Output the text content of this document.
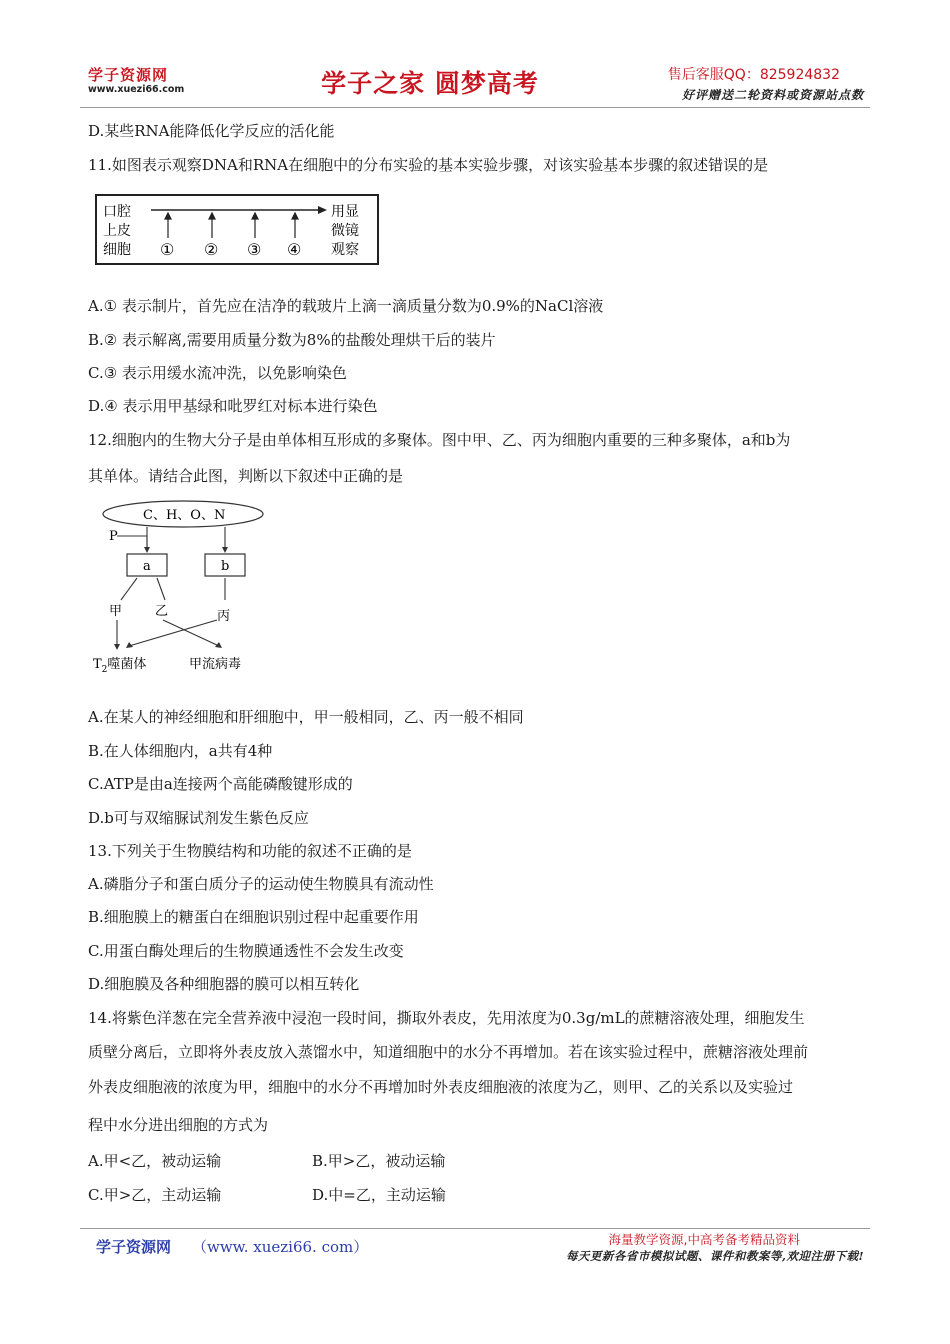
学子资源网
www.xuezi66.com	学子之家 圆梦高考	售后客服QQ：825924832
好评赠送二轮资料或资源站点数
D.某些RNA能降低化学反应的活化能
11.如图表示观察DNA和RNA在细胞中的分布实验的基本实验步骤，对该实验基本步骤的叙述错误的是
口腔
上皮
细胞 ① ② ③ ④
用显
微镜
观察
A.① 表示制片，首先应在洁净的载玻片上滴一滴质量分数为0.9%的NaCl溶液
B.② 表示解离,需要用质量分数为8%的盐酸处理烘干后的装片
C.③ 表示用缓水流冲洗，以免影响染色
D.④ 表示用甲基绿和吡罗红对标本进行染色
12.细胞内的生物大分子是由单体相互形成的多聚体。图中甲、乙、丙为细胞内重要的三种多聚体，a和b为
其单体。请结合此图，判断以下叙述中正确的是
C、H、O、N
P
a	b
甲	乙	丙
$T_2$噬菌体	甲流病毒
A.在某人的神经细胞和肝细胞中，甲一般相同，乙、丙一般不相同
B.在人体细胞内，a共有4种
C.ATP是由a连接两个高能磷酸键形成的
D.b可与双缩脲试剂发生紫色反应
13.下列关于生物膜结构和功能的叙述不正确的是
A.磷脂分子和蛋白质分子的运动使生物膜具有流动性
B.细胞膜上的糖蛋白在细胞识别过程中起重要作用
C.用蛋白酶处理后的生物膜通透性不会发生改变
D.细胞膜及各种细胞器的膜可以相互转化
14.将紫色洋葱在完全营养液中浸泡一段时间，撕取外表皮，先用浓度为0.3g/mL的蔗糖溶液处理，细胞发生
质壁分离后，立即将外表皮放入蒸馏水中，知道细胞中的水分不再增加。若在该实验过程中，蔗糖溶液处理前
外表皮细胞液的浓度为甲，细胞中的水分不再增加时外表皮细胞液的浓度为乙，则甲、乙的关系以及实验过
程中水分进出细胞的方式为
A.甲<乙，被动运输	B.甲>乙，被动运输
C.甲>乙，主动运输	D.中=乙，主动运输
学子资源网 （www. xuezi66. com）	海量教学资源,中高考备考精品资料
每天更新各省市模拟试题、课件和教案等,欢迎注册下载!
